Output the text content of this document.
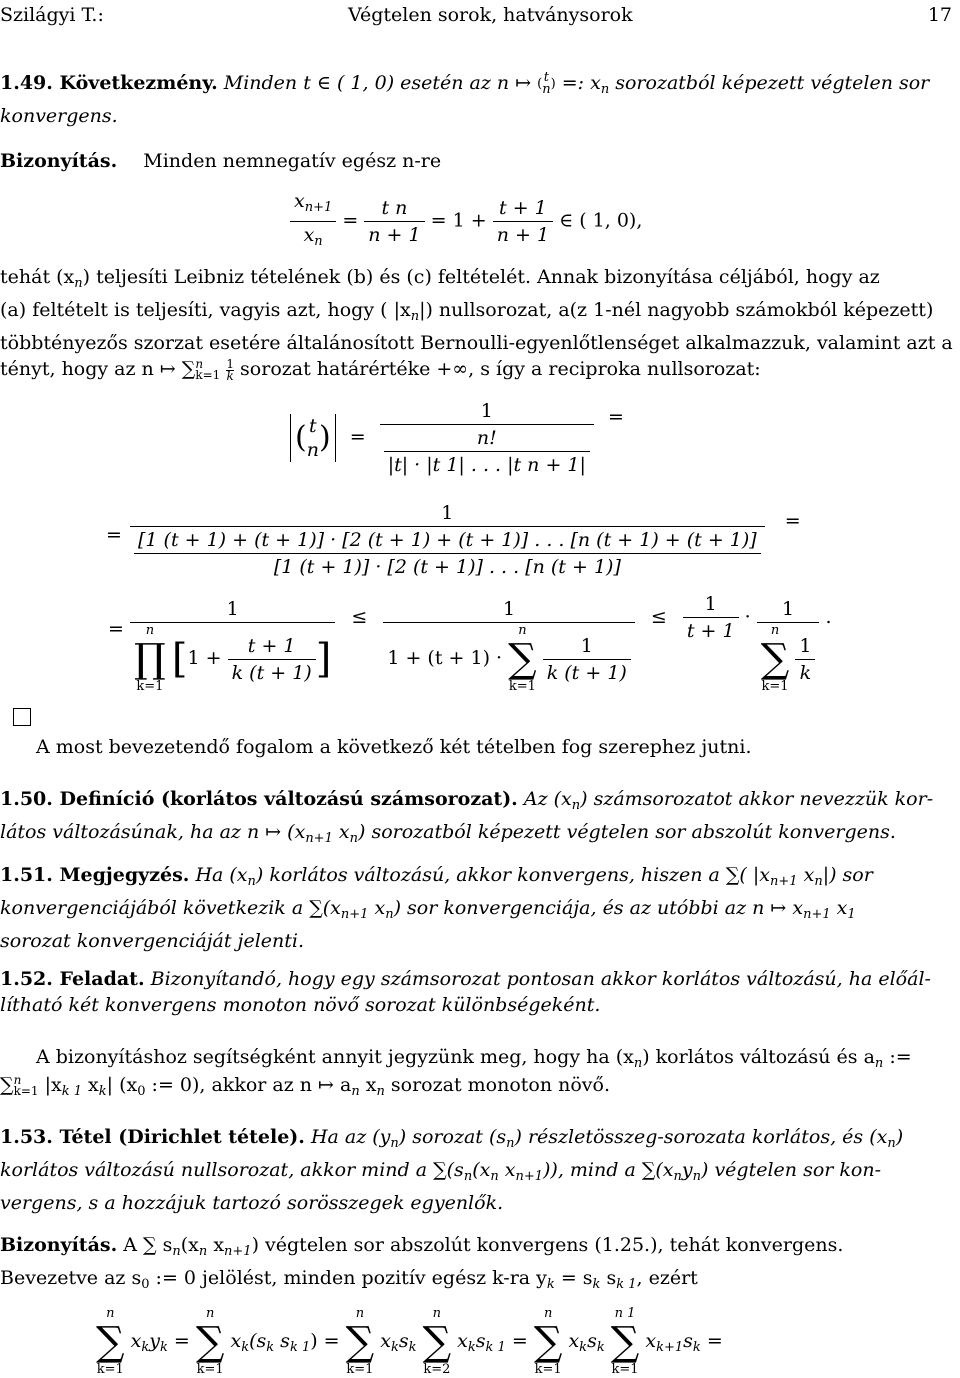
Szilágyi T.:	Végtelen sorok, hatványsorok	17
1.49. Következmény. Minden t ∈ ( 1, 0) esetén az n ↦ ( t
n ) =: $x_n$ sorozatból képezett végtelen sor
konvergens.
Bizonyítás. Minden nemnegatív egész n-re
$\frac{x_{n+1}}{x_n} = \frac{\text{t n}}{n + 1} = 1 + \frac{t + 1}{n + 1}$ ∈ ( 1, 0),
tehát $(x_n)$ teljesíti Leibniz tételének (b) és (c) feltételét. Annak bizonyítása céljából, hogy az
(a) feltételt is teljesíti, vagyis azt, hogy ( $|x_n|$) nullsorozat, a(z 1-nél nagyobb számokból képezett)
többtényezős szorzat esetére általánosított Bernoulli-egyenlőtlenséget alkalmazzuk, valamint azt a
tényt, hogy az n ↦ ∑ n
k=1
$\frac{1}{k}$ sorozat határértéke +∞, s így a reciproka nullsorozat:
( t
n ) = $\frac{1}{\frac{n!}{\text{|t| · |t 1| . . . |t n + 1|}}}$ =
=
1
[1 (t + 1) + (t + 1)] · [2 (t + 1) + (t + 1)] . . . [n (t + 1) + (t + 1)]
[1 (t + 1)] · [2 (t + 1)] . . . [n (t + 1)]
=
= 1
n
∏
k=1
[$1 + \frac{t + 1}{k (t + 1)}$ ] ≤ 1
1 + (t + 1) ·
n
∑
k=1

$\frac{1}{k (t + 1)} \le \frac{1}{t + 1} \cdot 1$
n
∑
k=1

$\frac{1}{k}$ .
A most bevezetendő fogalom a következő két tételben fog szerephez jutni.
1.50. Definíció (korlátos változású számsorozat). Az $(x_n)$ számsorozatot akkor nevezzük kor-
látos változásúnak, ha az n ↦ ($x_{n+1}$ $x_n$) sorozatból képezett végtelen sor abszolút konvergens.
1.51. Megjegyzés. Ha $(x_n)$ korlátos változású, akkor konvergens, hiszen a ∑( $|x_{n+1}$ $x_n|$) sor
konvergenciájából következik a $\sum(x_{n+1}$ $x_n$) sor konvergenciája, és az utóbbi az n ↦ $x_{n+1}$ $x_1$
sorozat konvergenciáját jelenti.
1.52. Feladat. Bizonyítandó, hogy egy számsorozat pontosan akkor korlátos változású, ha előál-
lítható két konvergens monoton növő sorozat különbségeként.
A bizonyításhoz segítségként annyit jegyzünk meg, hogy ha $(x_n)$ korlátos változású és $a_n$ :=
∑ n
k=1 $|x_{k 1}$ $x_k|$ ($x_0$ := 0), akkor az n ↦ $a_n$ $x_n$ sorozat monoton növő.
1.53. Tétel (Dirichlet tétele). Ha az $(y_n)$ sorozat $(s_n)$ részletösszeg-sorozata korlátos, és $(x_n)$
korlátos változású nullsorozat, akkor mind a $\sum(s_n(x_n$ $x_{n+1}$)), mind a $\sum(x_ny_n)$ végtelen sor kon-
vergens, s a hozzájuk tartozó sorösszegek egyenlők.
Bizonyítás. A ∑ $s_n(x_n$ $x_{n+1}$) végtelen sor abszolút konvergens (1.25.), tehát konvergens.
Bevezetve az $s_0$ := 0 jelölést, minden pozitív egész k-ra $y_k = s_k$ $s_{k 1}$, ezért
n
∑
k=1
$x_ky_k$ =
n
∑
k=1
$x_k(s_k$ $s_{k 1}$) =
n
∑
k=1
$x_ks_k$
n
∑
k=2
$x_ks_{k 1}$ =
n
∑
k=1
$x_ks_k$
n 1
∑
k=1
$x_{k+1}s_k$ =
